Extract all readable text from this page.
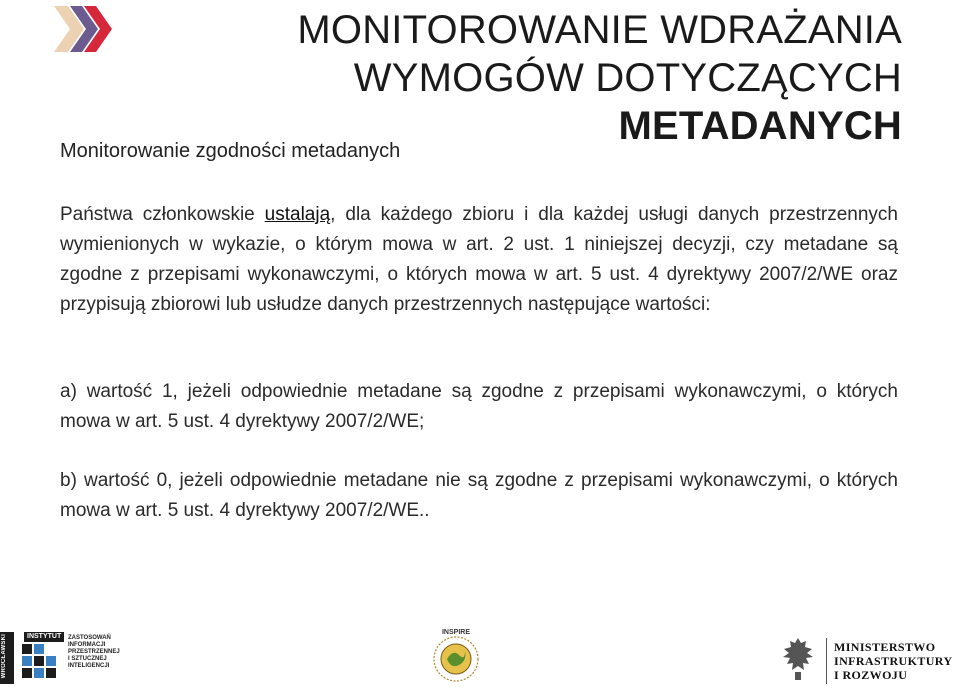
MONITOROWANIE WDRAŻANIA
WYMOGÓW DOTYCZĄCYCH
METADANYCH
Monitorowanie zgodności metadanych
Państwa członkowskie ustalają, dla każdego zbioru i dla każdej usługi danych przestrzennych wymienionych w wykazie, o którym mowa w art. 2 ust. 1 niniejszej decyzji, czy metadane są zgodne z przepisami wykonawczymi, o których mowa w art. 5 ust. 4 dyrektywy 2007/2/WE oraz przypisują zbiorowi lub usłudze danych przestrzennych następujące wartości:
a) wartość 1, jeżeli odpowiednie metadane są zgodne z przepisami wykonawczymi, o których mowa w art. 5 ust. 4 dyrektywy 2007/2/WE;
b) wartość 0, jeżeli odpowiednie metadane nie są zgodne z przepisami wykonawczymi, o których mowa w art. 5 ust. 4 dyrektywy 2007/2/WE..
WROCŁAWSKI	INSTYTUT	ZASTOSOWAŃ
INFORMACJI
PRZESTRZENNEJ
I SZTUCZNEJ
INTELIGENCJI
INSPIRE
MINISTERSTWO
INFRASTRUKTURY
I ROZWOJU
